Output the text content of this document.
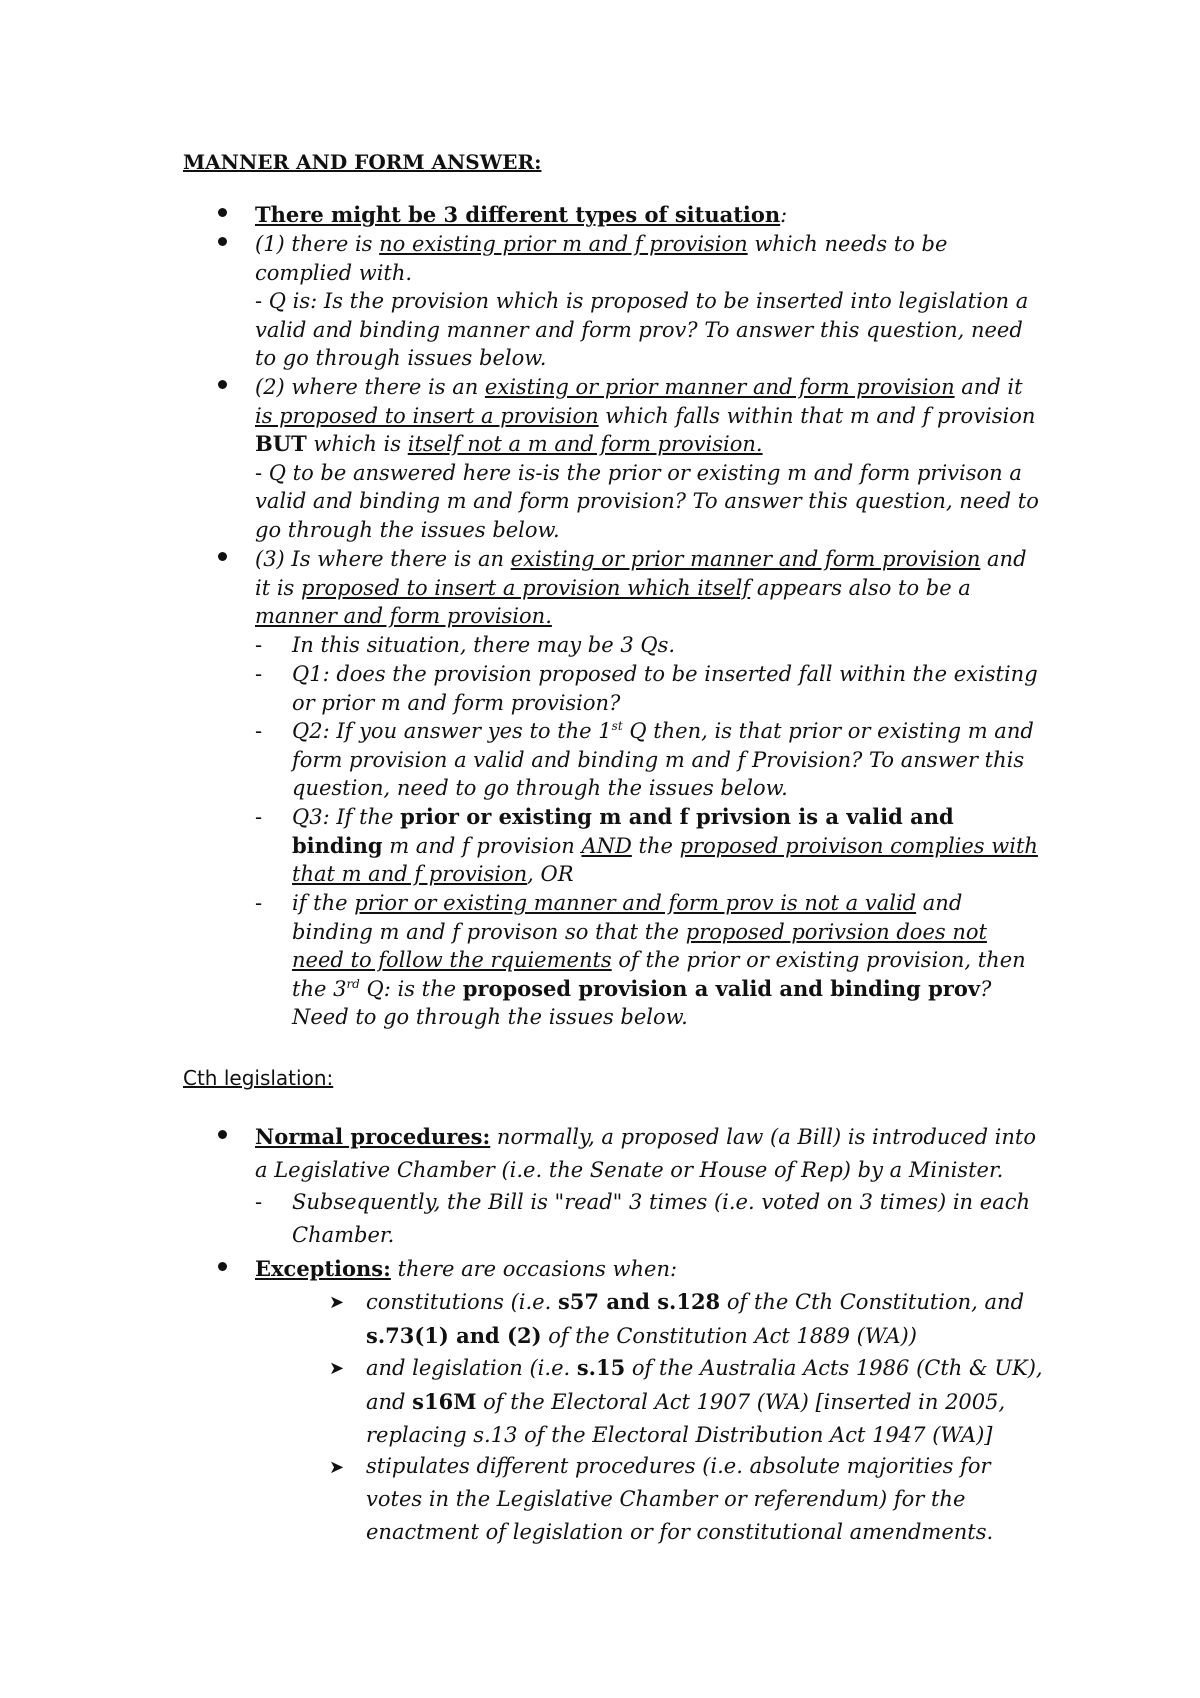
MANNER AND FORM ANSWER:

There might be 3 different types of situation:

(1) there is no existing prior m and f provision which needs to be complied with.

- Q is: Is the provision which is proposed to be inserted into legislation a valid and binding manner and form prov? To answer this question, need to go through issues below.

(2) where there is an existing or prior manner and form provision and it is proposed to insert a provision which falls within that m and f provision BUT which is itself not a m and form provision.

- Q to be answered here is-is the prior or existing m and form privison a valid and binding m and form provision? To answer this question, need to go through the issues below.

(3) Is where there is an existing or prior manner and form provision and it is proposed to insert a provision which itself appears also to be a manner and form provision.

- In this situation, there may be 3 Qs.

- Q1: does the provision proposed to be inserted fall within the existing or prior m and form provision?

- Q2: If you answer yes to the 1st Q then, is that prior or existing m and form provision a valid and binding m and f Provision? To answer this question, need to go through the issues below.

- Q3: If the prior or existing m and f privsion is a valid and binding m and f provision AND the proposed proivison complies with that m and f provision, OR

- if the prior or existing manner and form prov is not a valid and binding m and f provison so that the proposed porivsion does not need to follow the rquiements of the prior or existing provision, then the 3rd Q: is the proposed provision a valid and binding prov? Need to go through the issues below.

Cth legislation:

Normal procedures: normally, a proposed law (a Bill) is introduced into a Legislative Chamber (i.e. the Senate or House of Rep) by a Minister.

- Subsequently, the Bill is "read" 3 times (i.e. voted on 3 times) in each Chamber.

Exceptions: there are occasions when:

➤ constitutions (i.e. s57 and s.128 of the Cth Constitution, and s.73(1) and (2) of the Constitution Act 1889 (WA))

➤ and legislation (i.e. s.15 of the Australia Acts 1986 (Cth & UK), and s16M of the Electoral Act 1907 (WA) [inserted in 2005, replacing s.13 of the Electoral Distribution Act 1947 (WA)]

➤ stipulates different procedures (i.e. absolute majorities for votes in the Legislative Chamber or referendum) for the enactment of legislation or for constitutional amendments.
